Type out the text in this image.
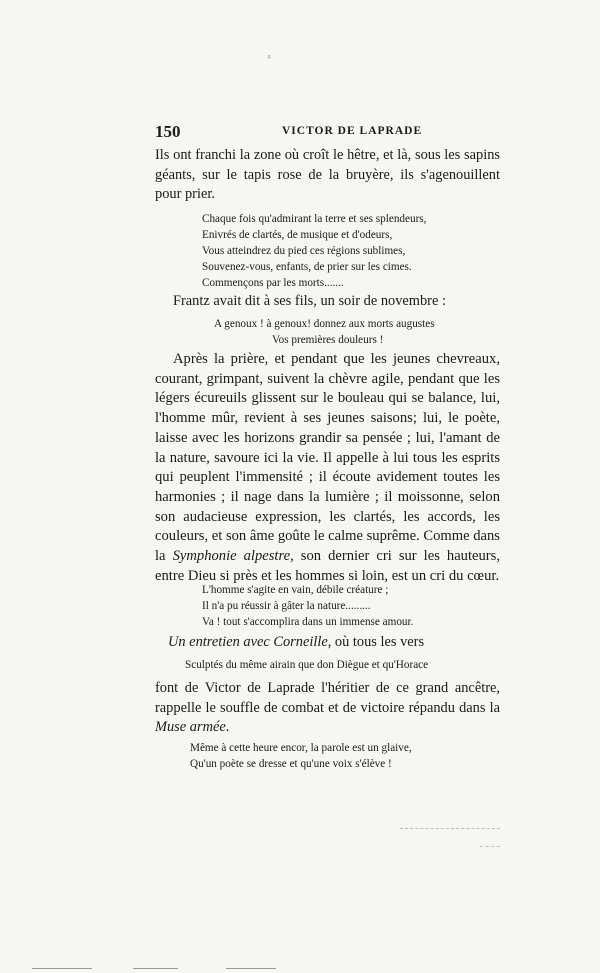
ᵍ
150	VICTOR DE LAPRADE
Ils ont franchi la zone où croît le hêtre, et là, sous les sapins géants, sur le tapis rose de la bruyère, ils s'agenouillent pour prier.
Chaque fois qu'admirant la terre et ses splendeurs,
Enivrés de clartés, de musique et d'odeurs,
Vous atteindrez du pied ces régions sublimes,
Souvenez-vous, enfants, de prier sur les cimes.
Commençons par les morts.......
Frantz avait dit à ses fils, un soir de novembre :
A genoux ! à genoux! donnez aux morts augustes
Vos premières douleurs !
Après la prière, et pendant que les jeunes chevreaux, courant, grimpant, suivent la chèvre agile, pendant que les légers écureuils glissent sur le bouleau qui se balance, lui, l'homme mûr, revient à ses jeunes saisons; lui, le poète, laisse avec les horizons grandir sa pensée ; lui, l'amant de la nature, savoure ici la vie. Il appelle à lui tous les esprits qui peuplent l'immensité ; il écoute avidement toutes les harmonies ; il nage dans la lumière ; il moissonne, selon son audacieuse expression, les clartés, les accords, les couleurs, et son âme goûte le calme suprême. Comme dans la Symphonie alpestre, son dernier cri sur les hauteurs, entre Dieu si près et les hommes si loin, est un cri du cœur.
L'homme s'agite en vain, débile créature ;
Il n'a pu réussir à gâter la nature.........
Va ! tout s'accomplira dans un immense amour.
Un entretien avec Corneille, où tous les vers
Sculptés du même airain que don Diègue et qu'Horace
font de Victor de Laprade l'héritier de ce grand ancêtre, rappelle le souffle de combat et de victoire répandu dans la Muse armée.
Même à cette heure encor, la parole est un glaive,
Qu'un poète se dresse et qu'une voix s'élève !
